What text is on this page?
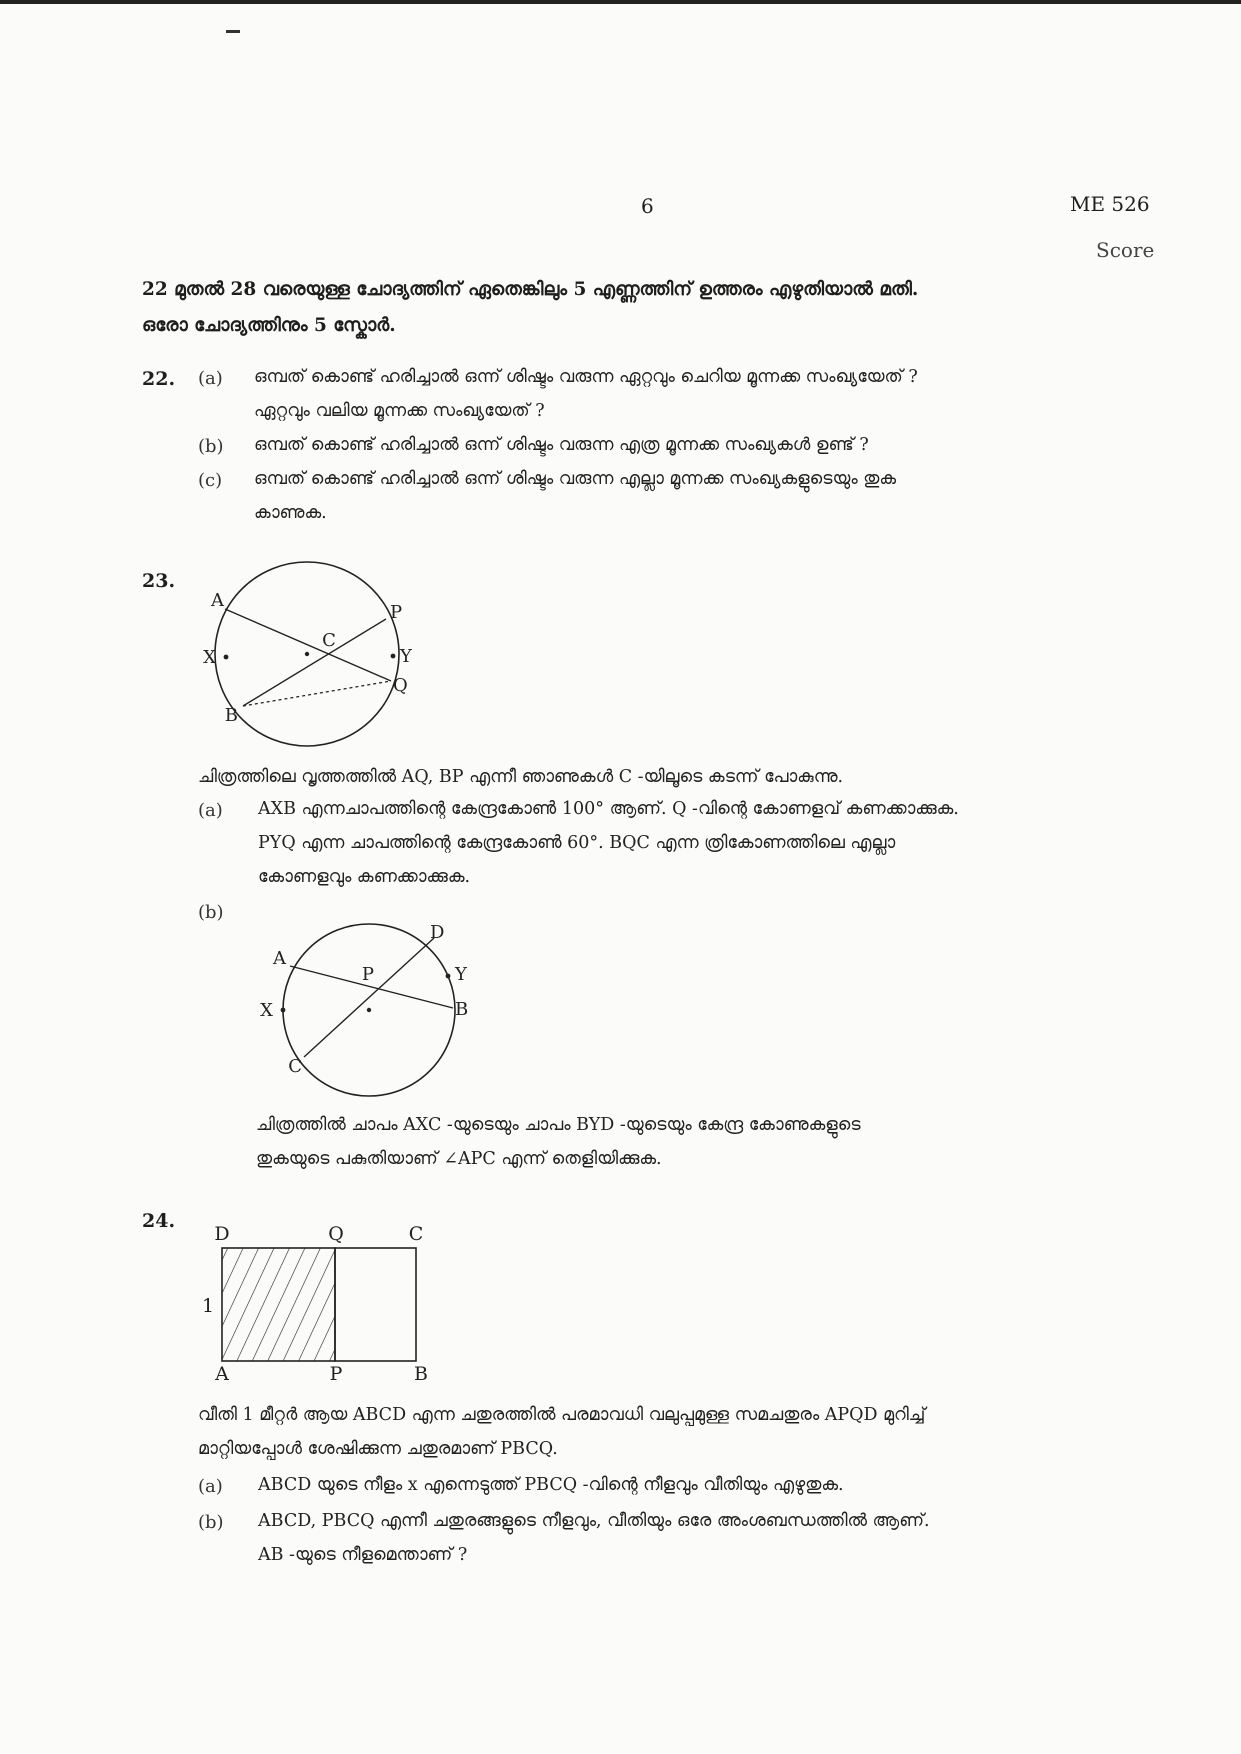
6	ME 526
Score
22 മുതൽ 28 വരെയുള്ള ചോദ്യത്തിന് ഏതെങ്കിലും 5 എണ്ണത്തിന് ഉത്തരം എഴുതിയാൽ മതി.
ഒരോ ചോദ്യത്തിനും 5 സ്കോർ.
22. (a) ഒമ്പത് കൊണ്ട് ഹരിച്ചാൽ ഒന്ന് ശിഷ്ടം വരുന്ന ഏറ്റവും ചെറിയ മൂന്നക്ക സംഖ്യയേത് ?
ഏറ്റവും വലിയ മൂന്നക്ക സംഖ്യയേത് ?
(b) ഒമ്പത് കൊണ്ട് ഹരിച്ചാൽ ഒന്ന് ശിഷ്ടം വരുന്ന എത്ര മൂന്നക്ക സംഖ്യകൾ ഉണ്ട് ?
(c) ഒമ്പത് കൊണ്ട് ഹരിച്ചാൽ ഒന്ന് ശിഷ്ടം വരുന്ന എല്ലാ മൂന്നക്ക സംഖ്യകളുടെയും തുക
കാണുക.
23.
A
P
X
C
Y
Q
B
ചിത്രത്തിലെ വൃത്തത്തിൽ AQ, BP എന്നീ ഞാണുകൾ C -യിലൂടെ കടന്ന് പോകുന്നു.
(a) AXB എന്നചാപത്തിന്റെ കേന്ദ്രകോൺ 100° ആണ്. Q -വിന്റെ കോണളവ് കണക്കാക്കുക.
PYQ എന്ന ചാപത്തിന്റെ കേന്ദ്രകോൺ 60°. BQC എന്ന ത്രികോണത്തിലെ എല്ലാ
കോണളവും കണക്കാക്കുക.
(b)
A
D
P	Y
X	B
C
ചിത്രത്തിൽ ചാപം AXC -യുടെയും ചാപം BYD -യുടെയും കേന്ദ്ര കോണുകളുടെ
തുകയുടെ പകുതിയാണ് ∠APC എന്ന് തെളിയിക്കുക.
24.
D	Q	C
1
A	P	B
വീതി 1 മീറ്റർ ആയ ABCD എന്ന ചതുരത്തിൽ പരമാവധി വലുപ്പമുള്ള സമചതുരം APQD മുറിച്ച്
മാറ്റിയപ്പോൾ ശേഷിക്കുന്ന ചതുരമാണ് PBCQ.
(a) ABCD യുടെ നീളം x എന്നെടുത്ത് PBCQ -വിന്റെ നീളവും വീതിയും എഴുതുക.
(b) ABCD, PBCQ എന്നീ ചതുരങ്ങളുടെ നീളവും, വീതിയും ഒരേ അംശബന്ധത്തിൽ ആണ്.
AB -യുടെ നീളമെന്താണ് ?
